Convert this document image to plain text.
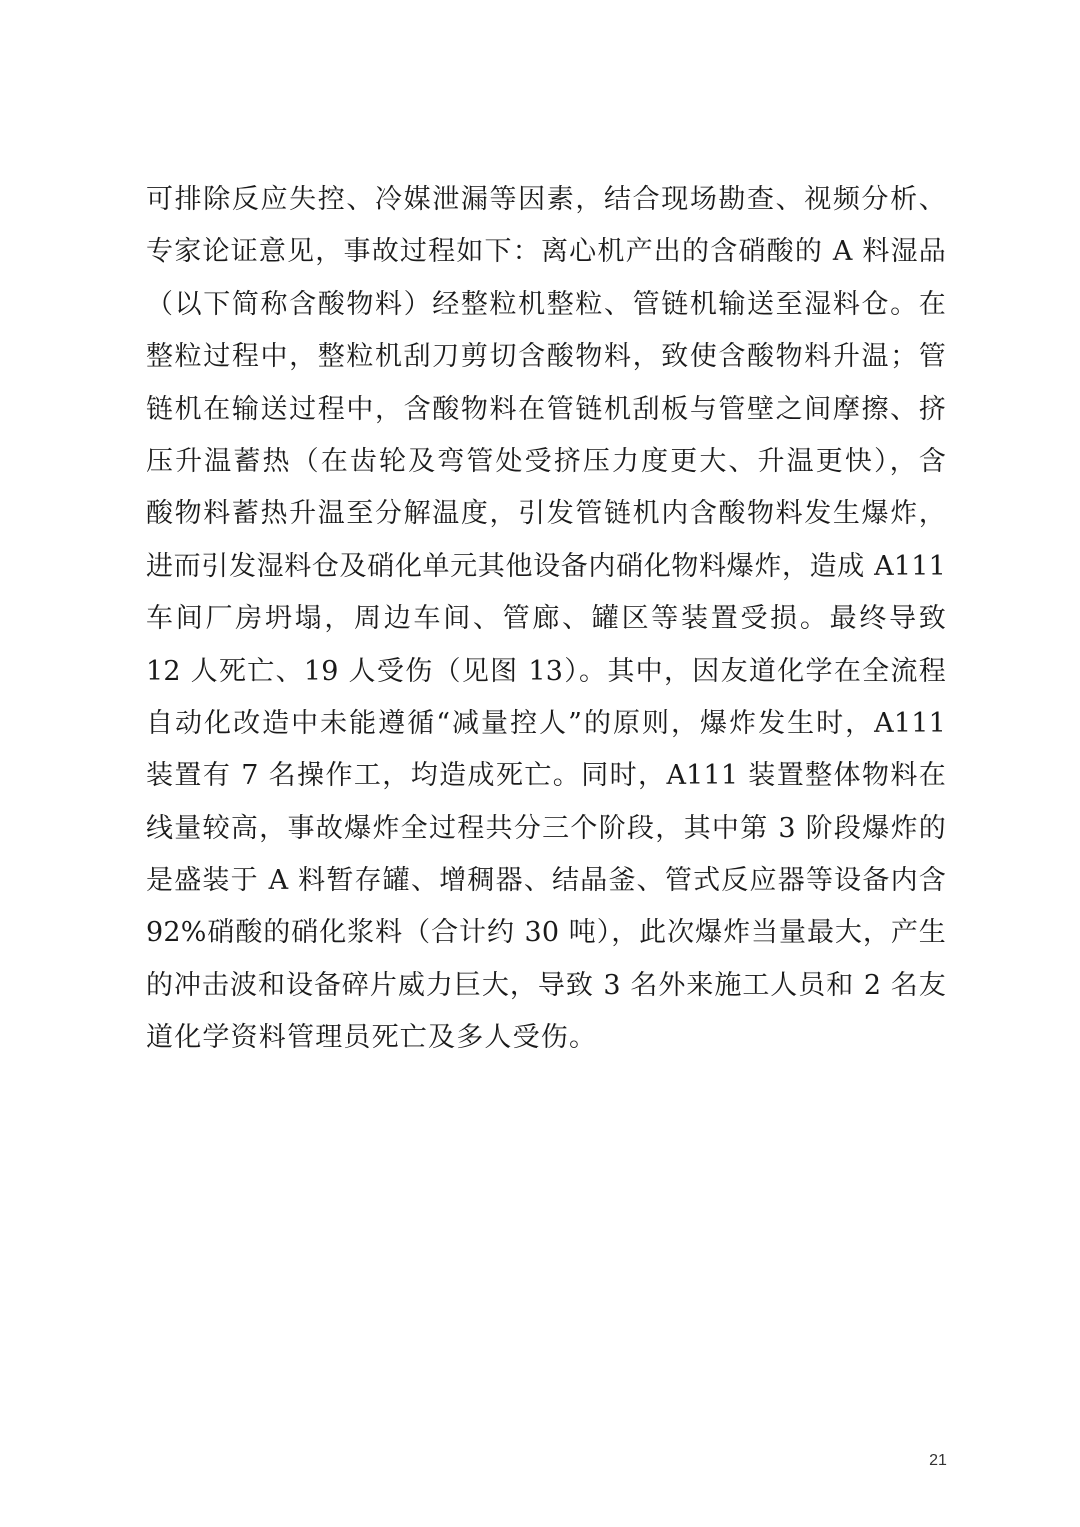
可排除反应失控、冷媒泄漏等因素，结合现场勘查、视频分析、
专家论证意见，事故过程如下：离心机产出的含硝酸的 A 料湿品
（以下简称含酸物料）经整粒机整粒、管链机输送至湿料仓。在
整粒过程中，整粒机刮刀剪切含酸物料，致使含酸物料升温；管
链机在输送过程中，含酸物料在管链机刮板与管壁之间摩擦、挤
压升温蓄热（在齿轮及弯管处受挤压力度更大、升温更快），含
酸物料蓄热升温至分解温度，引发管链机内含酸物料发生爆炸，
进而引发湿料仓及硝化单元其他设备内硝化物料爆炸，造成 A111
车间厂房坍塌，周边车间、管廊、罐区等装置受损。最终导致
12 人死亡、19 人受伤（见图 13）。其中，因友道化学在全流程
自动化改造中未能遵循“减量控人”的原则，爆炸发生时，A111
装置有 7 名操作工，均造成死亡。同时，A111 装置整体物料在
线量较高，事故爆炸全过程共分三个阶段，其中第 3 阶段爆炸的
是盛装于 A 料暂存罐、增稠器、结晶釜、管式反应器等设备内含
92%硝酸的硝化浆料（合计约 30 吨），此次爆炸当量最大，产生
的冲击波和设备碎片威力巨大，导致 3 名外来施工人员和 2 名友
道化学资料管理员死亡及多人受伤。
21
